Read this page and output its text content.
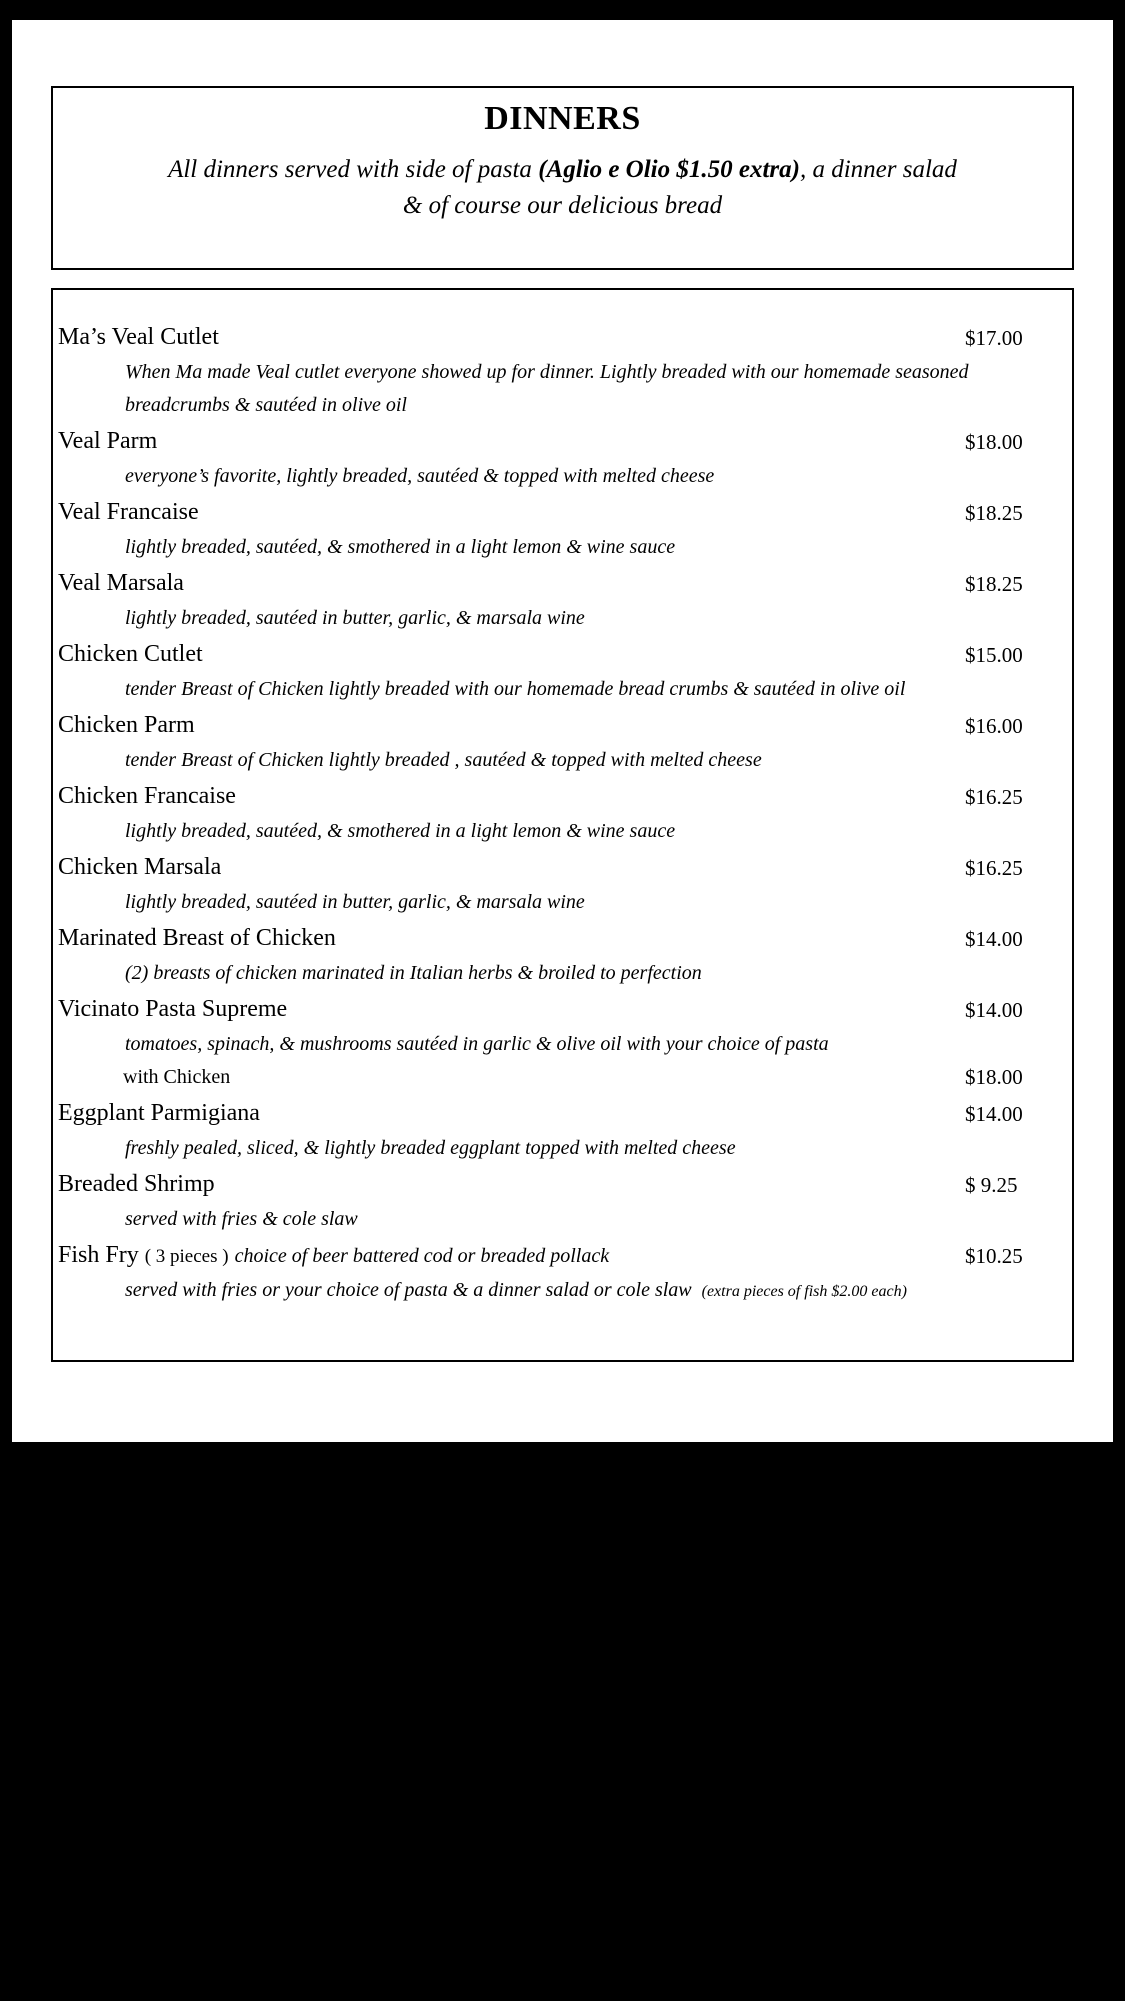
DINNERS
All dinners served with side of pasta (Aglio e Olio $1.50 extra), a dinner salad
& of course our delicious bread
Ma’s Veal Cutlet	$17.00
When Ma made Veal cutlet everyone showed up for dinner. Lightly breaded with our homemade seasoned breadcrumbs & sautéed in olive oil
Veal Parm	$18.00
everyone’s favorite, lightly breaded, sautéed & topped with melted cheese
Veal Francaise	$18.25
lightly breaded, sautéed, & smothered in a light lemon & wine sauce
Veal Marsala	$18.25
lightly breaded, sautéed in butter, garlic, & marsala wine
Chicken Cutlet	$15.00
tender Breast of Chicken lightly breaded with our homemade bread crumbs & sautéed in olive oil
Chicken Parm	$16.00
tender Breast of Chicken lightly breaded , sautéed & topped with melted cheese
Chicken Francaise	$16.25
lightly breaded, sautéed, & smothered in a light lemon & wine sauce
Chicken Marsala	$16.25
lightly breaded, sautéed in butter, garlic, & marsala wine
Marinated Breast of Chicken	$14.00
(2) breasts of chicken marinated in Italian herbs & broiled to perfection
Vicinato Pasta Supreme	$14.00
tomatoes, spinach, & mushrooms sautéed in garlic & olive oil with your choice of pasta
with Chicken	$18.00
Eggplant Parmigiana	$14.00
freshly pealed, sliced, & lightly breaded eggplant topped with melted cheese
Breaded Shrimp	$ 9.25
served with fries & cole slaw
Fish Fry ( 3 pieces ) choice of beer battered cod or breaded pollack	$10.25
served with fries or your choice of pasta & a dinner salad or cole slaw (extra pieces of fish $2.00 each)
